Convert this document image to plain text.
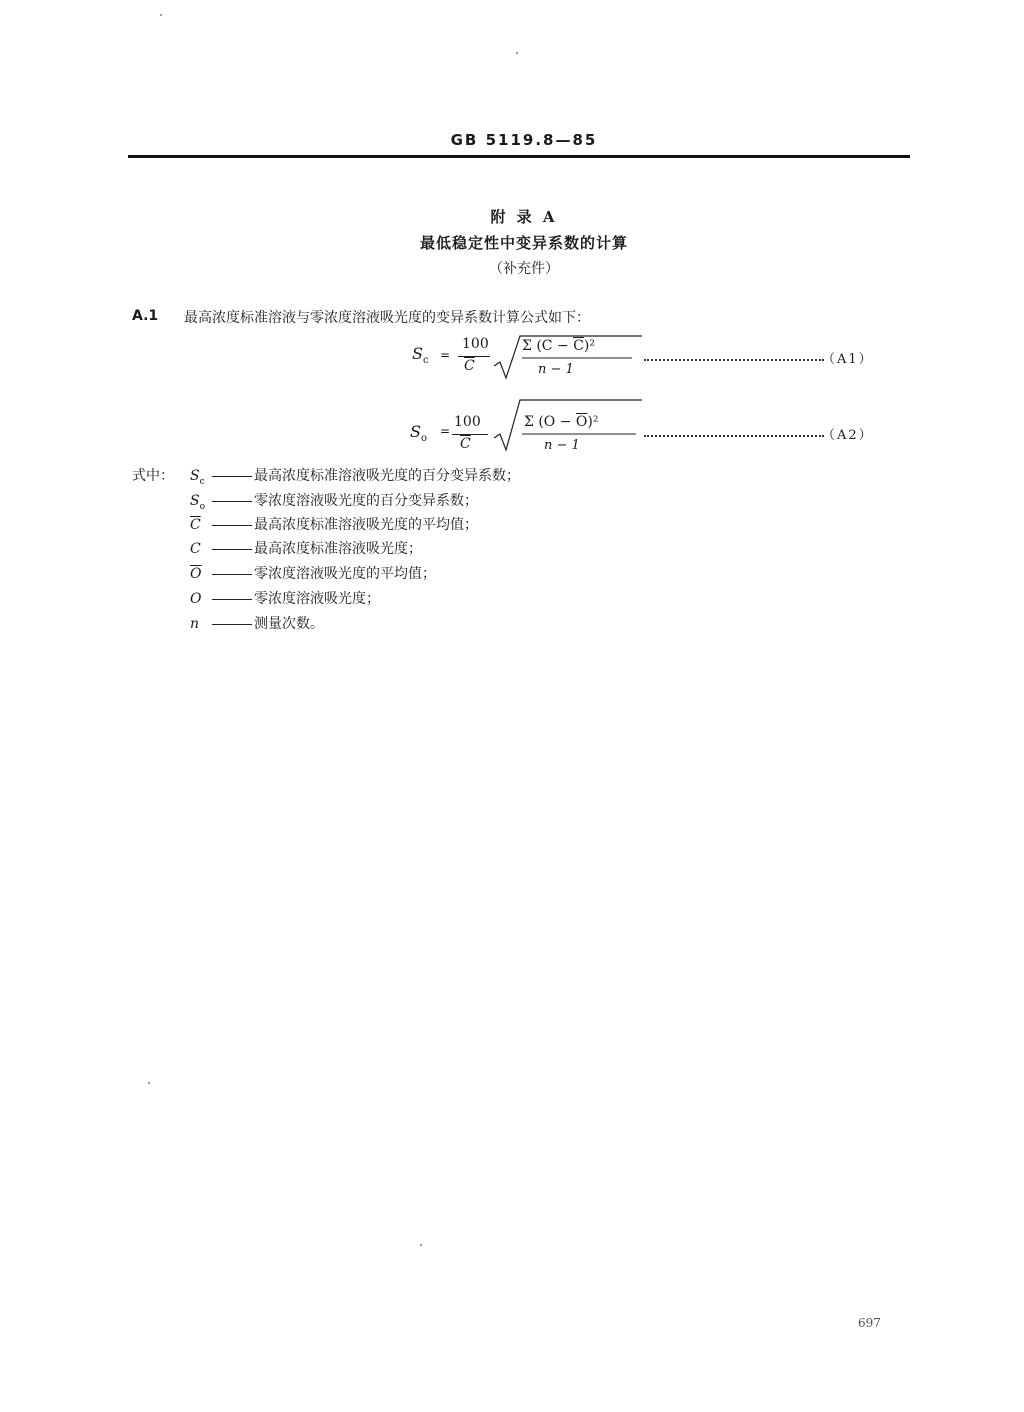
GB 5119.8—85
附 录 A
最低稳定性中变异系数的计算
（补充件）
A.1 最高浓度标准溶液与零浓度溶液吸光度的变异系数计算公式如下：
$S_c$ =
100
$\overline{C}$
Σ $(C - \overline{C})^2$
n − 1
（A1）
$S_o$
=
100
$\overline{C}$
Σ $(O - \overline{O})^2$
n − 1
（A2）
式中： $S_c$	最高浓度标准溶液吸光度的百分变异系数；
$S_o$	零浓度溶液吸光度的百分变异系数；
$\overline{C}$	最高浓度标准溶液吸光度的平均值；
C	最高浓度标准溶液吸光度；
$\overline{O}$	零浓度溶液吸光度的平均值；
O	零浓度溶液吸光度；
n	测量次数。
697
